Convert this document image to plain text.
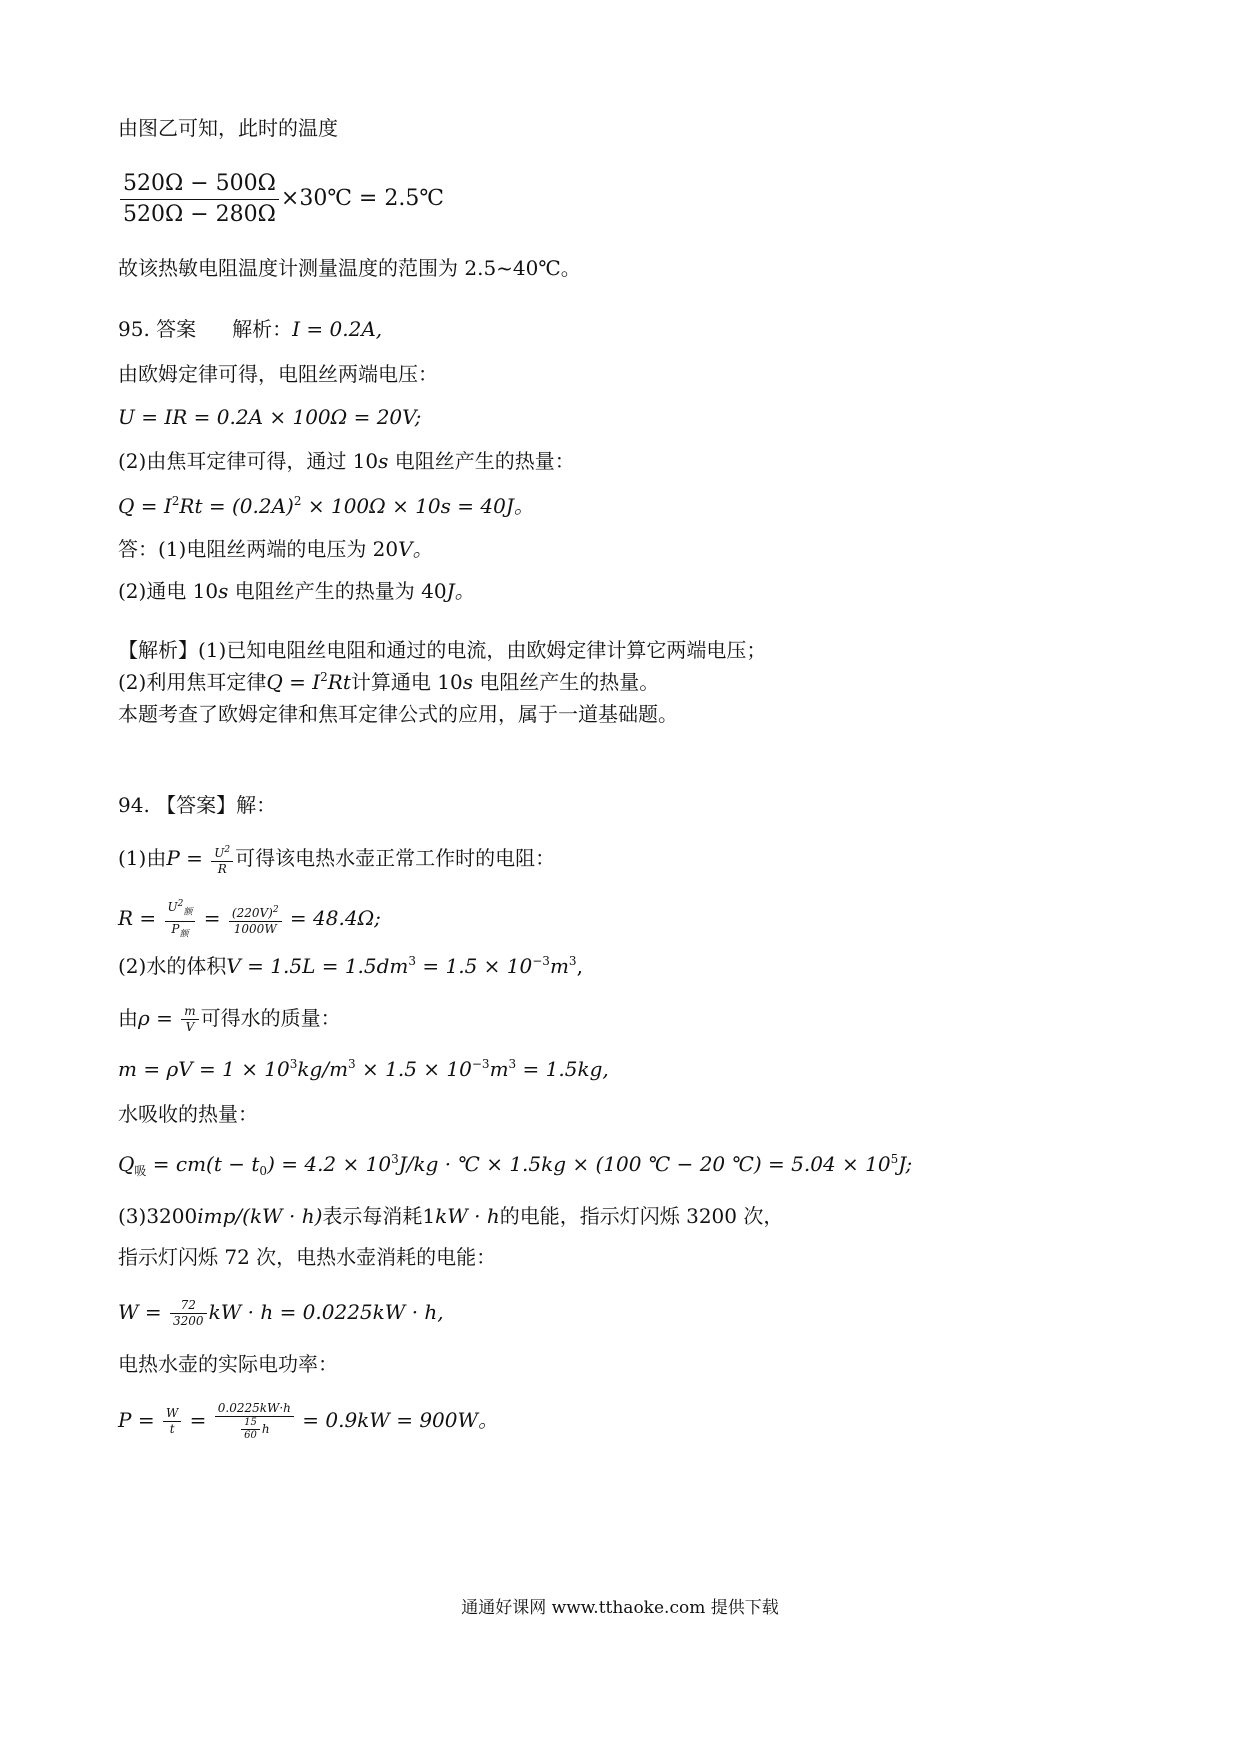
由图乙可知，此时的温度
$\frac{520\Omega - 500\Omega}{520\Omega - 280\Omega}$ ×30℃ = 2.5℃
故该热敏电阻温度计测量温度的范围为 2.5~40℃。
95. 答案 解析：I = 0.2A,
由欧姆定律可得，电阻丝两端电压：
U = IR = 0.2A × 100Ω = 20V;
(2)由焦耳定律可得，通过 10s 电阻丝产生的热量：
$Q = I^2Rt = (0.2A)^2 \times 100\Omega \times 10s = 40J$。
答：(1)电阻丝两端的电压为 20V。
(2)通电 10s 电阻丝产生的热量为 40J。
【解析】(1)已知电阻丝电阻和通过的电流，由欧姆定律计算它两端电压；
(2)利用焦耳定律$Q = I^2Rt$计算通电 10s 电阻丝产生的热量。
本题考查了欧姆定律和焦耳定律公式的应用，属于一道基础题。
94. 【答案】解：
(1)由$P = \frac{U^2}{R}$ 可得该电热水壶正常工作时的电阻：
$R = \frac{U^2_额}{P_额} = \frac{(220V)^2}{1000W} = 48.4\Omega$;
(2)水的体积$V = 1.5L = 1.5dm^3 = 1.5 \times 10^{-3}m^3$,
由$\rho = \frac{m}{V}$ 可得水的质量：
$m = \rho V = 1 \times 10^3kg/m^3 \times 1.5 \times 10^{-3}m^3 = 1.5kg$,
水吸收的热量：
$Q_吸 = cm(t - t_0) = 4.2 \times 10^3J/kg$ · ℃ × 1.5kg × (100 ℃ − 20 ℃) = $5.04 \times 10^5J$;
(3)3200imp/(kW · h)表示每消耗1kW · h的电能，指示灯闪烁 3200 次，
指示灯闪烁 72 次，电热水壶消耗的电能：
$W = \frac{72}{3200}$ kW · h = 0.0225kW · h,
电热水壶的实际电功率：
$P = \frac{W}{t} = \frac{0.0225kW\cdot h}{\frac{15}{60} h} = 0.9kW = 900W$。
通通好课网 www.tthaoke.com 提供下载
